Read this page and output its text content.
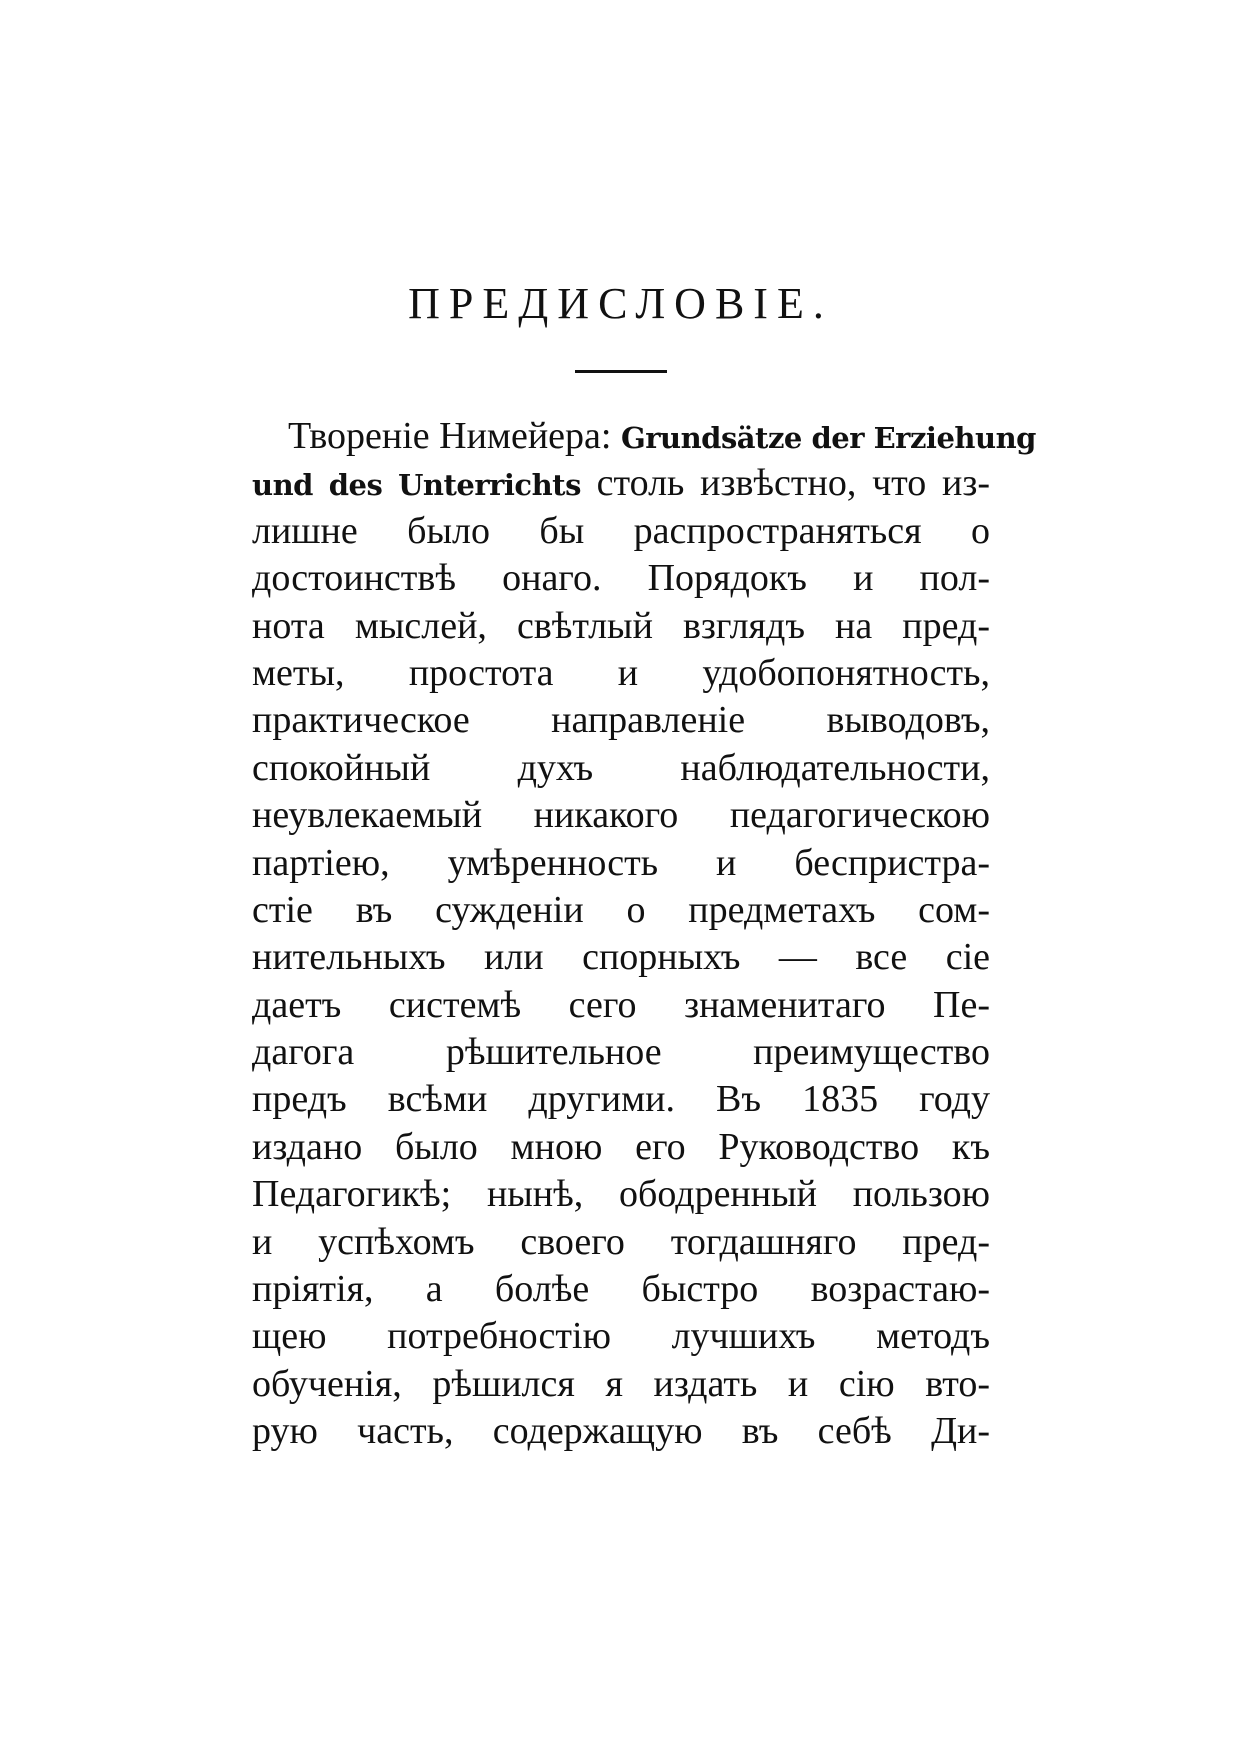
ПРЕДИСЛОВIЕ.
Творенiе Нимейера: Grundsätze der Erziehung
und des Unterrichts столь извѣстно, что из-
лишне было бы распространяться о
достоинствѣ онаго. Порядокъ и пол-
нота мыслей, свѣтлый взглядъ на пред-
меты, простота и удобопонятность,
практическое направленiе выводовъ,
спокойный духъ наблюдательности,
неувлекаемый никакого педагогическою
партiею, умѣренность и беспристра-
стiе въ сужденiи о предметахъ сом-
нительныхъ или спорныхъ — все сiе
даетъ системѣ сего знаменитаго Пе-
дагога рѣшительное преимущество
предъ всѣми другими. Въ 1835 году
издано было мною его Руководство къ
Педагогикѣ; нынѣ, ободренный пользою
и успѣхомъ своего тогдашняго пред-
прiятiя, а болѣе быстро возрастаю-
щею потребностiю лучшихъ методъ
обученiя, рѣшился я издать и сiю вто-
рую часть, содержащую въ себѣ Ди-
